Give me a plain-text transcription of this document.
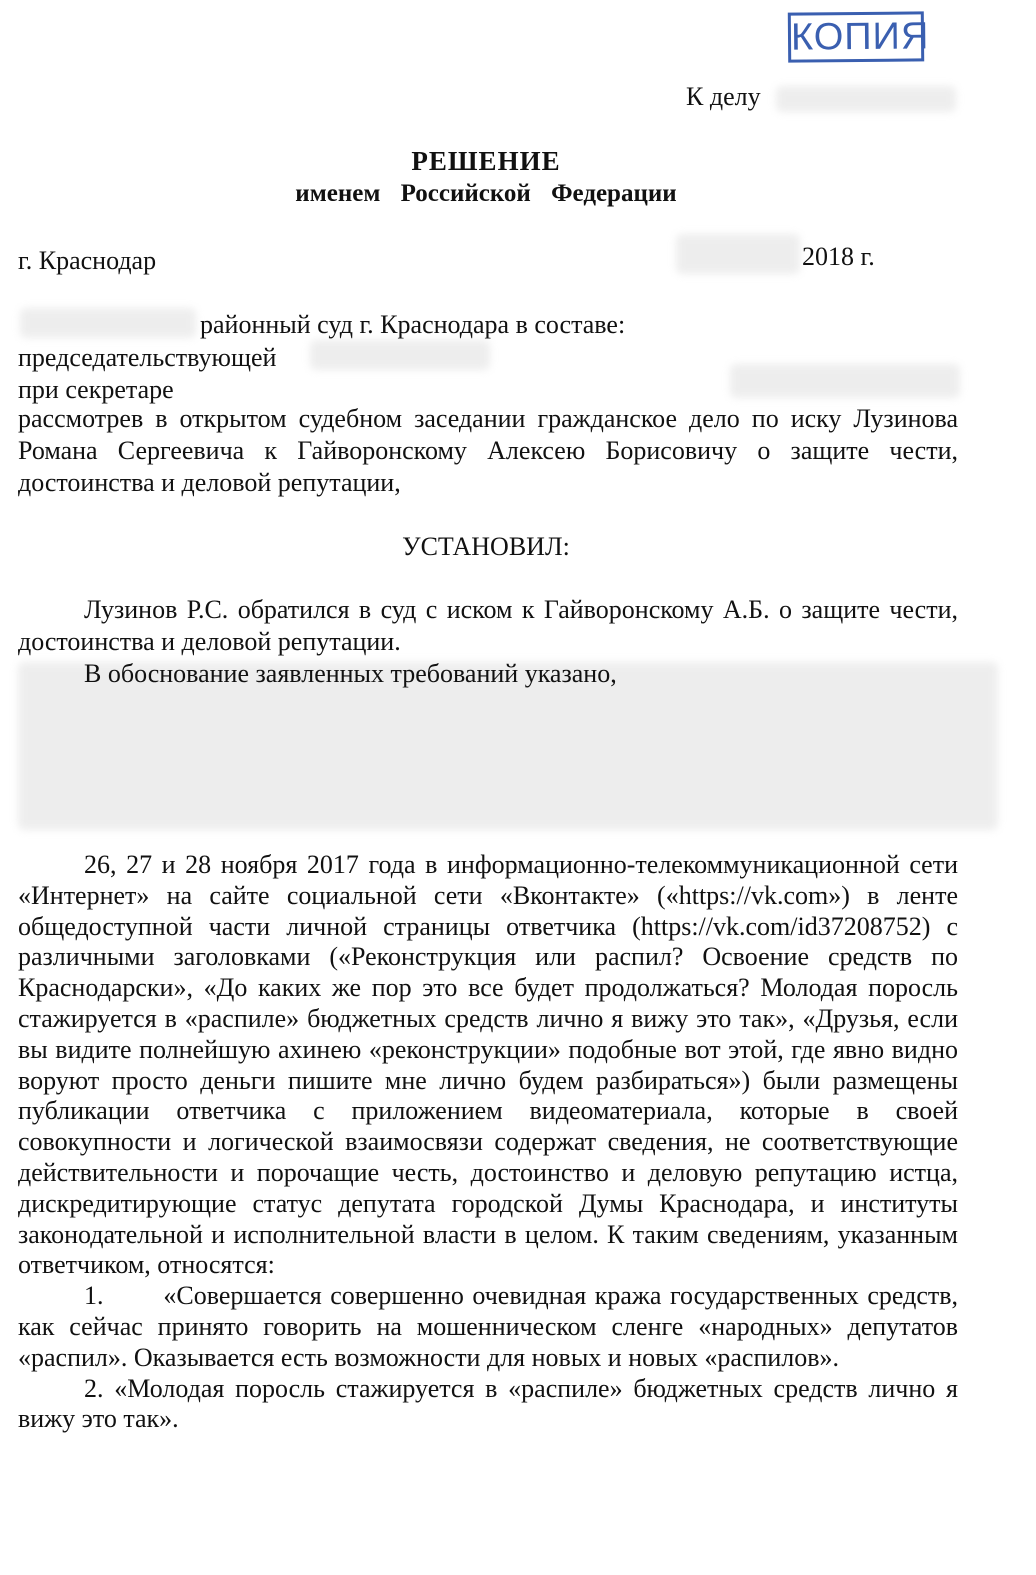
КОПИЯ
К делу
РЕШЕНИЕ
именем Российской Федерации
г. Краснодар	2018 г.
районный суд г. Краснодара в составе:
председательствующей
при секретаре

рассмотрев в открытом судебном заседании гражданское дело по иску Лузинова Романа Сергеевича к Гайворонскому Алексею Борисовичу о защите чести, достоинства и деловой репутации,

УСТАНОВИЛ:

Лузинов Р.С. обратился в суд с иском к Гайворонскому А.Б. о защите чести, достоинства и деловой репутации.

В обоснование заявленных требований указано,

26, 27 и 28 ноября 2017 года в информационно-телекоммуникационной сети «Интернет» на сайте социальной сети «Вконтакте» («https://vk.com») в ленте общедоступной части личной страницы ответчика (https://vk.com/id37208752) с различными заголовками («Реконструкция или распил? Освоение средств по Краснодарски», «До каких же пор это все будет продолжаться? Молодая поросль стажируется в «распиле» бюджетных средств лично я вижу это так», «Друзья, если вы видите полнейшую ахинею «реконструкции» подобные вот этой, где явно видно воруют просто деньги пишите мне лично будем разбираться») были размещены публикации ответчика с приложением видеоматериала, которые в своей совокупности и логической взаимосвязи содержат сведения, не соответствующие действительности и порочащие честь, достоинство и деловую репутацию истца, дискредитирующие статус депутата городской Думы Краснодара, и институты законодательной и исполнительной власти в целом. К таким сведениям, указанным ответчиком, относятся:

1. «Совершается совершенно очевидная кража государственных средств, как сейчас принято говорить на мошенническом сленге «народных» депутатов «распил». Оказывается есть возможности для новых и новых «распилов».

2. «Молодая поросль стажируется в «распиле» бюджетных средств лично я вижу это так».
